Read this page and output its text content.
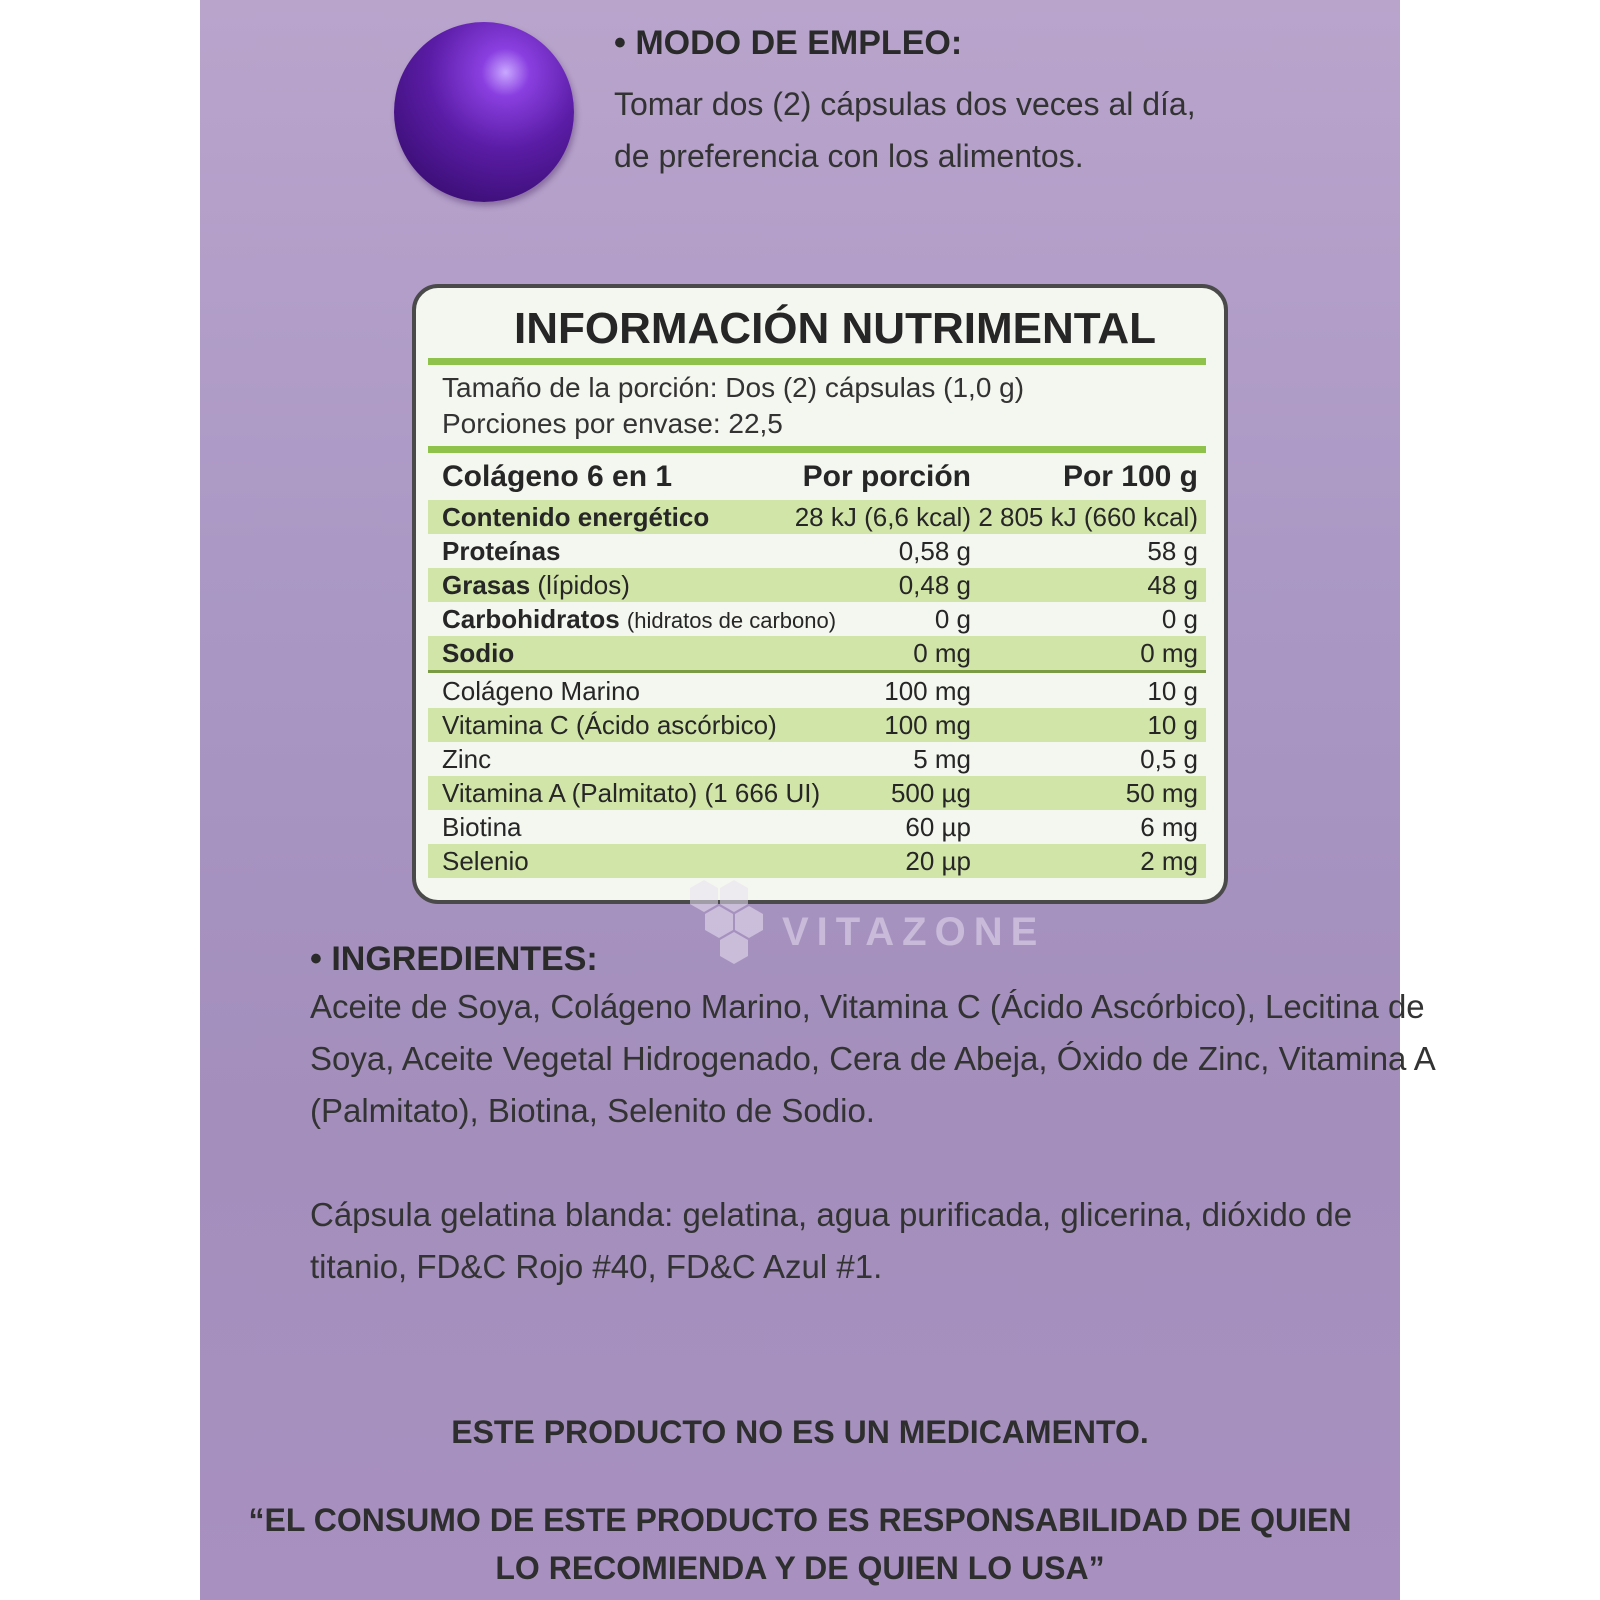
• MODO DE EMPLEO:
Tomar dos (2) cápsulas dos veces al día,
de preferencia con los alimentos.
INFORMACIÓN NUTRIMENTAL
Tamaño de la porción: Dos (2) cápsulas (1,0 g)
Porciones por envase: 22,5
Colágeno 6 en 1	Por porción	Por 100 g
Contenido energético	28 kJ (6,6 kcal) 2 805 kJ (660 kcal)
Proteínas	0,58 g	58 g
Grasas (lípidos)	0,48 g	48 g
Carbohidratos (hidratos de carbono)	0 g	0 g
Sodio	0 mg	0 mg
Colágeno Marino	100 mg	10 g
Vitamina C (Ácido ascórbico)	100 mg	10 g
Zinc	5 mg	0,5 g
Vitamina A (Palmitato) (1 666 UI)	500 µg	50 mg
Biotina	60 µp	6 mg
Selenio	20 µp	2 mg
VITAZONE
• INGREDIENTES:
Aceite de Soya, Colágeno Marino, Vitamina C (Ácido Ascórbico), Lecitina de
Soya, Aceite Vegetal Hidrogenado, Cera de Abeja, Óxido de Zinc, Vitamina A
(Palmitato), Biotina, Selenito de Sodio.
Cápsula gelatina blanda: gelatina, agua purificada, glicerina, dióxido de
titanio, FD&C Rojo #40, FD&C Azul #1.
ESTE PRODUCTO NO ES UN MEDICAMENTO.
“EL CONSUMO DE ESTE PRODUCTO ES RESPONSABILIDAD DE QUIEN
LO RECOMIENDA Y DE QUIEN LO USA”
